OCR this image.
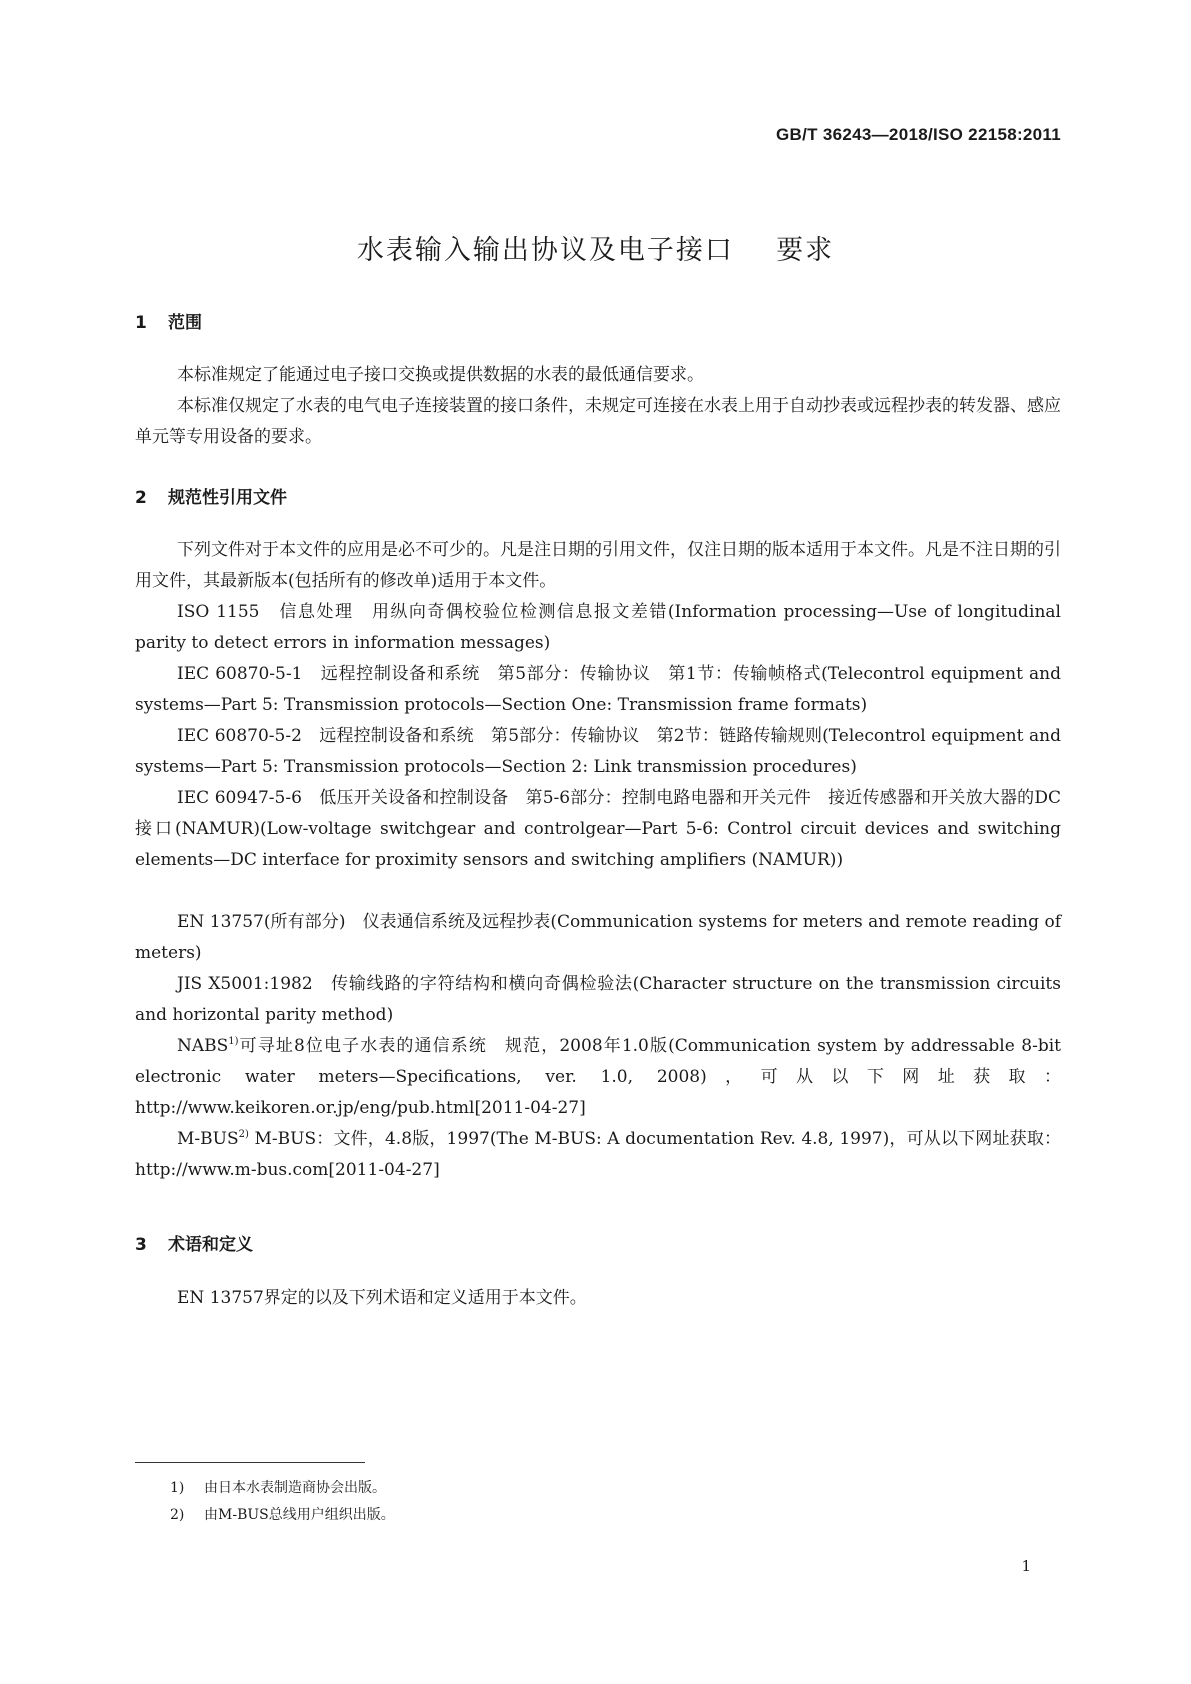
GB/T 36243—2018/ISO 22158:2011
水表输入输出协议及电子接口    要求
1 范围
本标准规定了能通过电子接口交换或提供数据的水表的最低通信要求。
本标准仅规定了水表的电气电子连接装置的接口条件，未规定可连接在水表上用于自动抄表或远程抄表的转发器、感应单元等专用设备的要求。
2 规范性引用文件
下列文件对于本文件的应用是必不可少的。凡是注日期的引用文件，仅注日期的版本适用于本文件。凡是不注日期的引用文件，其最新版本(包括所有的修改单)适用于本文件。
ISO 1155　信息处理　用纵向奇偶校验位检测信息报文差错(Information processing—Use of longitudinal parity to detect errors in information messages)
IEC 60870-5-1　远程控制设备和系统　第5部分：传输协议　第1节：传输帧格式(Telecontrol equipment and systems—Part 5: Transmission protocols—Section One: Transmission frame formats)
IEC 60870-5-2　远程控制设备和系统　第5部分：传输协议　第2节：链路传输规则(Telecontrol equipment and systems—Part 5: Transmission protocols—Section 2: Link transmission procedures)
IEC 60947-5-6　低压开关设备和控制设备　第5-6部分：控制电路电器和开关元件　接近传感器和开关放大器的DC接口(NAMUR)(Low-voltage switchgear and controlgear—Part 5-6: Control circuit devices and switching elements—DC interface for proximity sensors and switching amplifiers (NAMUR))
EN 13757(所有部分)　仪表通信系统及远程抄表(Communication systems for meters and remote reading of meters)
JIS X5001:1982　传输线路的字符结构和横向奇偶检验法(Character structure on the transmission circuits and horizontal parity method)
NABS$^{1)}$可寻址8位电子水表的通信系统　规范，2008年1.0版(Communication system by addressable 8-bit electronic water meters—Specifications, ver. 1.0, 2008)，可从以下网址获取：http://www.keikoren.or.jp/eng/pub.html[2011-04-27]
M-BUS$^{2)}$ M-BUS：文件，4.8版，1997(The M-BUS: A documentation Rev. 4.8, 1997)，可从以下网址获取：http://www.m-bus.com[2011-04-27]
3 术语和定义
EN 13757界定的以及下列术语和定义适用于本文件。
1) 由日本水表制造商协会出版。
2) 由M-BUS总线用户组织出版。
1
